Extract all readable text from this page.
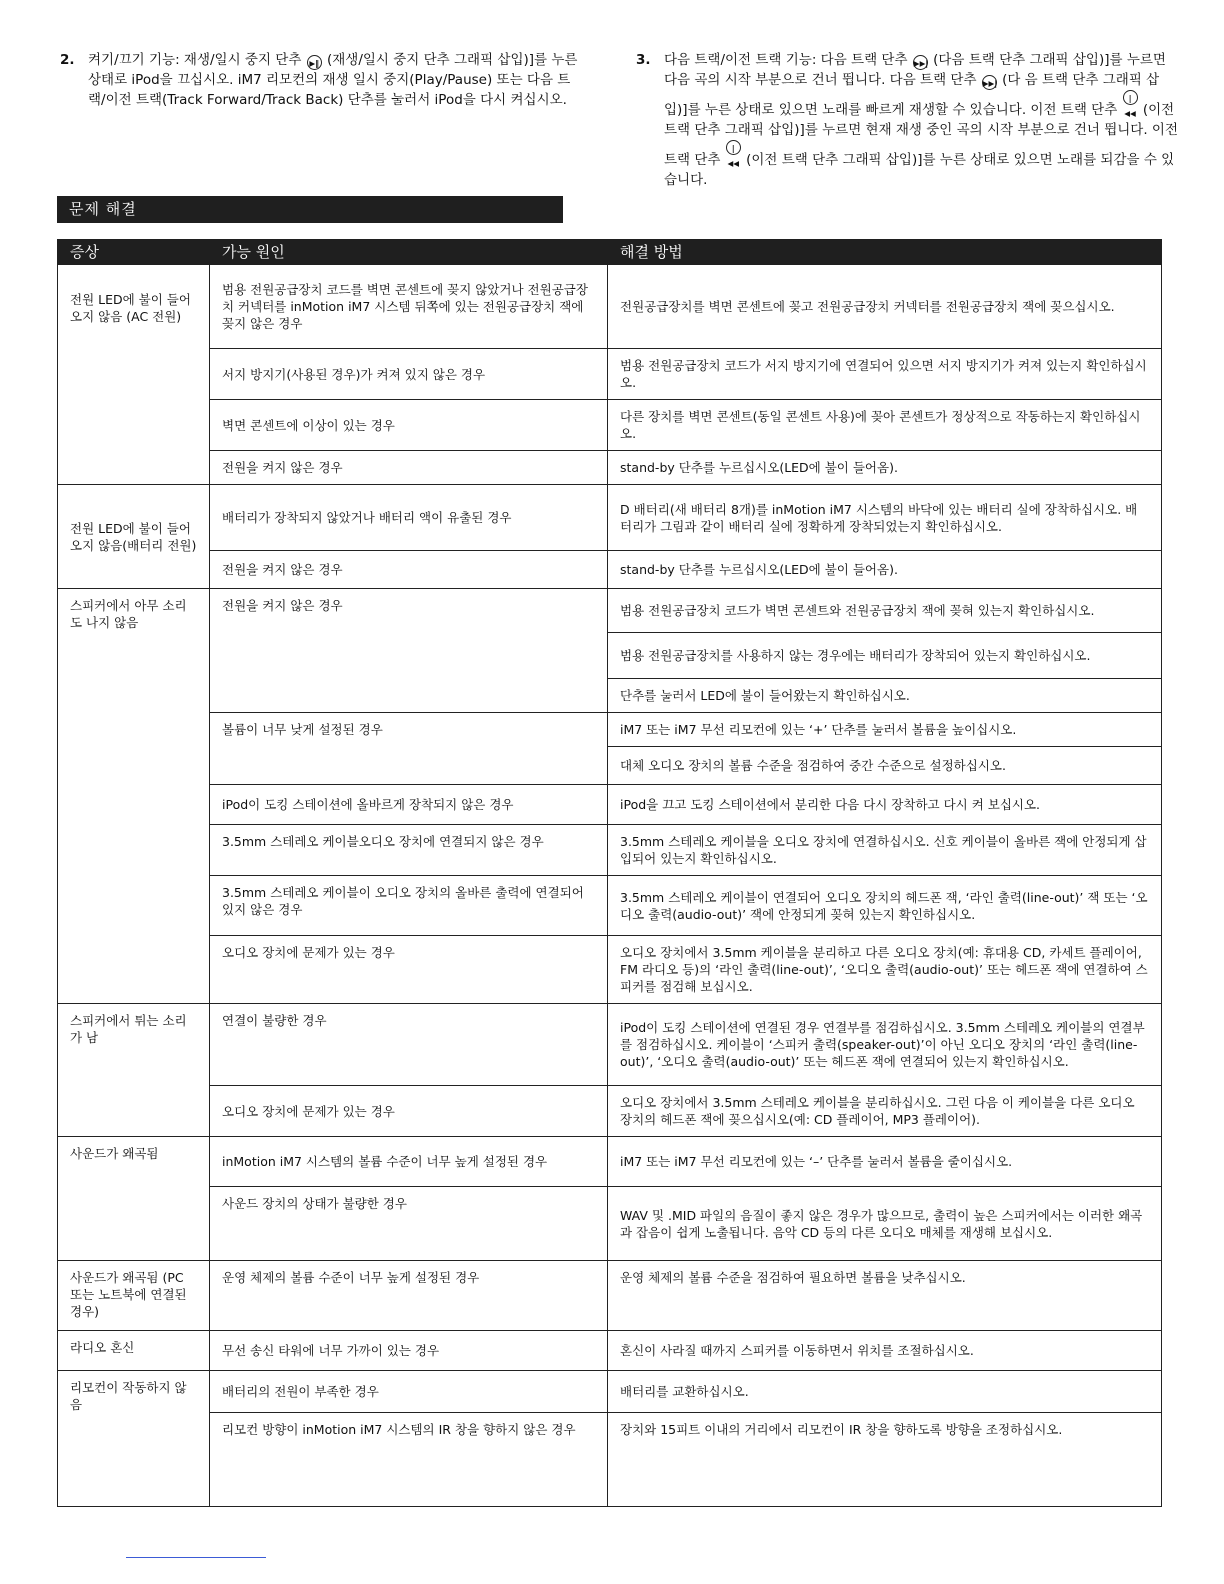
2. 켜기/끄기 기능: 재생/일시 중지 단추 ▶‖ (재생/일시 중지 단추 그래픽 삽입)]를 누른 상태로 iPod을 끄십시오. iM7 리모컨의 재생 일시 중지(Play/Pause) 또는 다음 트랙/이전 트랙(Track Forward/Track Back) 단추를 눌러서 iPod을 다시 켜십시오.
3. 다음 트랙/이전 트랙 기능: 다음 트랙 단추 ▶▶| (다음 트랙 단추 그래픽 삽입)]를 누르면 다음 곡의 시작 부분으로 건너 뜁니다. 다음 트랙 단추 ▶▶| (다 음 트랙 단추 그래픽 삽입)]를 누른 상태로 있으면 노래를 빠르게 재생할 수 있습니다. 이전 트랙 단추 |◀◀ (이전 트랙 단추 그래픽 삽입)]를 누르면 현재 재생 중인 곡의 시작 부분으로 건너 뜁니다. 이전 트랙 단추 |◀◀ (이전 트랙 단추 그래픽 삽입)]를 누른 상태로 있으면 노래를 되감을 수 있습니다.
문제 해결
증상	가능 원인	해결 방법
전원 LED에 불이 들어오지 않음 (AC 전원)	범용 전원공급장치 코드를 벽면 콘센트에 꽂지 않았거나 전원공급장치 커넥터를 inMotion iM7 시스템 뒤쪽에 있는 전원공급장치 잭에 꽂지 않은 경우	전원공급장치를 벽면 콘센트에 꽂고 전원공급장치 커넥터를 전원공급장치 잭에 꽂으십시오.
	서지 방지기(사용된 경우)가 켜져 있지 않은 경우	범용 전원공급장치 코드가 서지 방지기에 연결되어 있으면 서지 방지기가 켜져 있는지 확인하십시오.
	벽면 콘센트에 이상이 있는 경우	다른 장치를 벽면 콘센트(동일 콘센트 사용)에 꽂아 콘센트가 정상적으로 작동하는지 확인하십시오.
	전원을 켜지 않은 경우	stand-by 단추를 누르십시오(LED에 불이 들어옴).
전원 LED에 불이 들어오지 않음(배터리 전원)	배터리가 장착되지 않았거나 배터리 액이 유출된 경우	D 배터리(새 배터리 8개)를 inMotion iM7 시스템의 바닥에 있는 배터리 실에 장착하십시오. 배터리가 그림과 같이 배터리 실에 정확하게 장착되었는지 확인하십시오.
	전원을 켜지 않은 경우	stand-by 단추를 누르십시오(LED에 불이 들어옴).
스피커에서 아무 소리도 나지 않음	전원을 켜지 않은 경우	범용 전원공급장치 코드가 벽면 콘센트와 전원공급장치 잭에 꽂혀 있는지 확인하십시오.
		범용 전원공급장치를 사용하지 않는 경우에는 배터리가 장착되어 있는지 확인하십시오.
		단추를 눌러서 LED에 불이 들어왔는지 확인하십시오.
	볼륨이 너무 낮게 설정된 경우	iM7 또는 iM7 무선 리모컨에 있는 ‘+’ 단추를 눌러서 볼륨을 높이십시오.
		대체 오디오 장치의 볼륨 수준을 점검하여 중간 수준으로 설정하십시오.
	iPod이 도킹 스테이션에 올바르게 장착되지 않은 경우	iPod을 끄고 도킹 스테이션에서 분리한 다음 다시 장착하고 다시 켜 보십시오.
	3.5mm 스테레오 케이블오디오 장치에 연결되지 않은 경우	3.5mm 스테레오 케이블을 오디오 장치에 연결하십시오. 신호 케이블이 올바른 잭에 안정되게 삽입되어 있는지 확인하십시오.
	3.5mm 스테레오 케이블이 오디오 장치의 올바른 출력에 연결되어 있지 않은 경우	3.5mm 스테레오 케이블이 연결되어 오디오 장치의 헤드폰 잭, ‘라인 출력(line-out)’ 잭 또는 ‘오디오 출력(audio-out)’ 잭에 안정되게 꽂혀 있는지 확인하십시오.
	오디오 장치에 문제가 있는 경우	오디오 장치에서 3.5mm 케이블을 분리하고 다른 오디오 장치(예: 휴대용 CD, 카세트 플레이어, FM 라디오 등)의 ‘라인 출력(line-out)’, ‘오디오 출력(audio-out)’ 또는 헤드폰 잭에 연결하여 스피커를 점검해 보십시오.
스피커에서 튀는 소리가 남	연결이 불량한 경우	iPod이 도킹 스테이션에 연결된 경우 연결부를 점검하십시오. 3.5mm 스테레오 케이블의 연결부를 점검하십시오. 케이블이 ‘스피커 출력(speaker-out)’이 아닌 오디오 장치의 ‘라인 출력(line-out)’, ‘오디오 출력(audio-out)’ 또는 헤드폰 잭에 연결되어 있는지 확인하십시오.
	오디오 장치에 문제가 있는 경우	오디오 장치에서 3.5mm 스테레오 케이블을 분리하십시오. 그런 다음 이 케이블을 다른 오디오 장치의 헤드폰 잭에 꽂으십시오(예: CD 플레이어, MP3 플레이어).
사운드가 왜곡됨	inMotion iM7 시스템의 볼륨 수준이 너무 높게 설정된 경우	iM7 또는 iM7 무선 리모컨에 있는 ‘–’ 단추를 눌러서 볼륨을 줄이십시오.
	사운드 장치의 상태가 불량한 경우	WAV 및 .MID 파일의 음질이 좋지 않은 경우가 많으므로, 출력이 높은 스피커에서는 이러한 왜곡과 잡음이 쉽게 노출됩니다. 음악 CD 등의 다른 오디오 매체를 재생해 보십시오.
사운드가 왜곡됨 (PC 또는 노트북에 연결된 경우)	운영 체제의 볼륨 수준이 너무 높게 설정된 경우	운영 체제의 볼륨 수준을 점검하여 필요하면 볼륨을 낮추십시오.
라디오 혼신	무선 송신 타워에 너무 가까이 있는 경우	혼신이 사라질 때까지 스피커를 이동하면서 위치를 조절하십시오.
리모컨이 작동하지 않음	배터리의 전원이 부족한 경우	배터리를 교환하십시오.
	리모컨 방향이 inMotion iM7 시스템의 IR 창을 향하지 않은 경우	장치와 15피트 이내의 거리에서 리모컨이 IR 창을 향하도록 방향을 조정하십시오.
